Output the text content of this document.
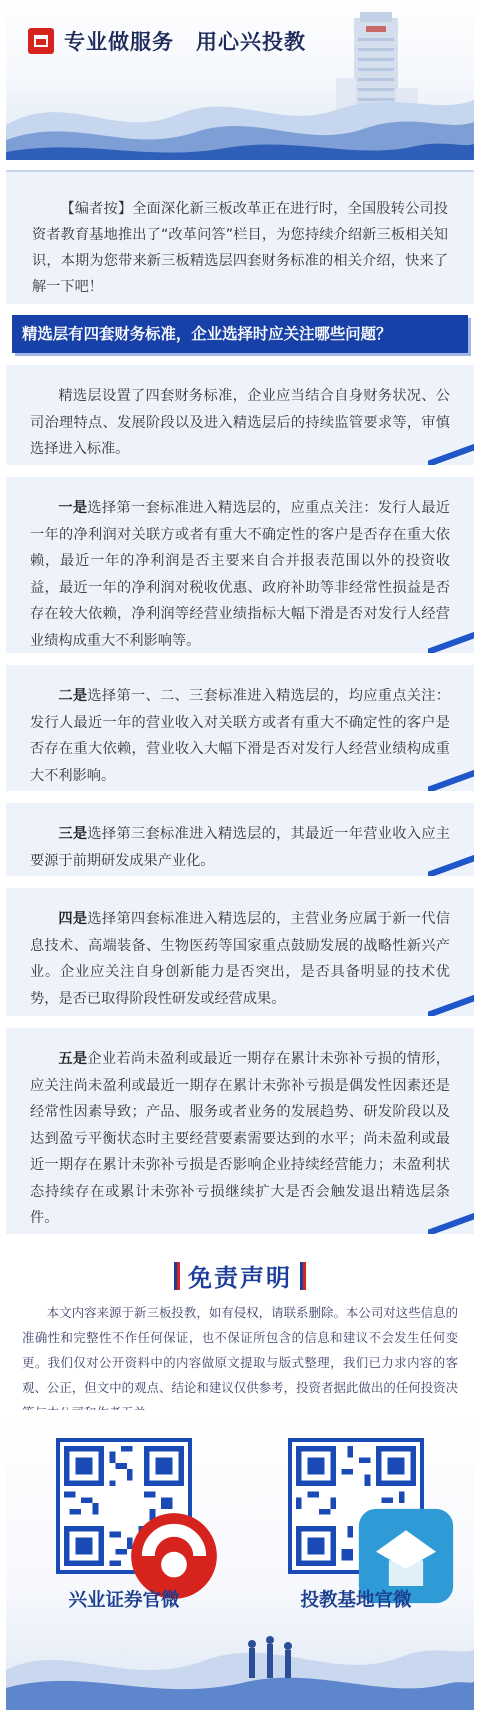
专业做服务　用心兴投教

【编者按】全面深化新三板改革正在进行时，全国股转公司投资者教育基地推出了“改革问答”栏目，为您持续介绍新三板相关知识，本期为您带来新三板精选层四套财务标准的相关介绍，快来了解一下吧！

精选层有四套财务标准，企业选择时应关注哪些问题？

精选层设置了四套财务标准，企业应当结合自身财务状况、公司治理特点、发展阶段以及进入精选层后的持续监管要求等，审慎选择进入标准。

一是选择第一套标准进入精选层的，应重点关注：发行人最近一年的净利润对关联方或者有重大不确定性的客户是否存在重大依赖，最近一年的净利润是否主要来自合并报表范围以外的投资收益，最近一年的净利润对税收优惠、政府补助等非经常性损益是否存在较大依赖，净利润等经营业绩指标大幅下滑是否对发行人经营业绩构成重大不利影响等。

二是选择第一、二、三套标准进入精选层的，均应重点关注：发行人最近一年的营业收入对关联方或者有重大不确定性的客户是否存在重大依赖，营业收入大幅下滑是否对发行人经营业绩构成重大不利影响。

三是选择第三套标准进入精选层的，其最近一年营业收入应主要源于前期研发成果产业化。

四是选择第四套标准进入精选层的，主营业务应属于新一代信息技术、高端装备、生物医药等国家重点鼓励发展的战略性新兴产业。企业应关注自身创新能力是否突出，是否具备明显的技术优势，是否已取得阶段性研发或经营成果。

五是企业若尚未盈利或最近一期存在累计未弥补亏损的情形，应关注尚未盈利或最近一期存在累计未弥补亏损是偶发性因素还是经常性因素导致；产品、服务或者业务的发展趋势、研发阶段以及达到盈亏平衡状态时主要经营要素需要达到的水平；尚未盈利或最近一期存在累计未弥补亏损是否影响企业持续经营能力；未盈利状态持续存在或累计未弥补亏损继续扩大是否会触发退出精选层条件。

免责声明
本文内容来源于新三板投教，如有侵权，请联系删除。本公司对这些信息的准确性和完整性不作任何保证，也不保证所包含的信息和建议不会发生任何变更。我们仅对公开资料中的内容做原文提取与版式整理，我们已力求内容的客观、公正，但文中的观点、结论和建议仅供参考，投资者据此做出的任何投资决
兴业证券官微	投教基地官微
